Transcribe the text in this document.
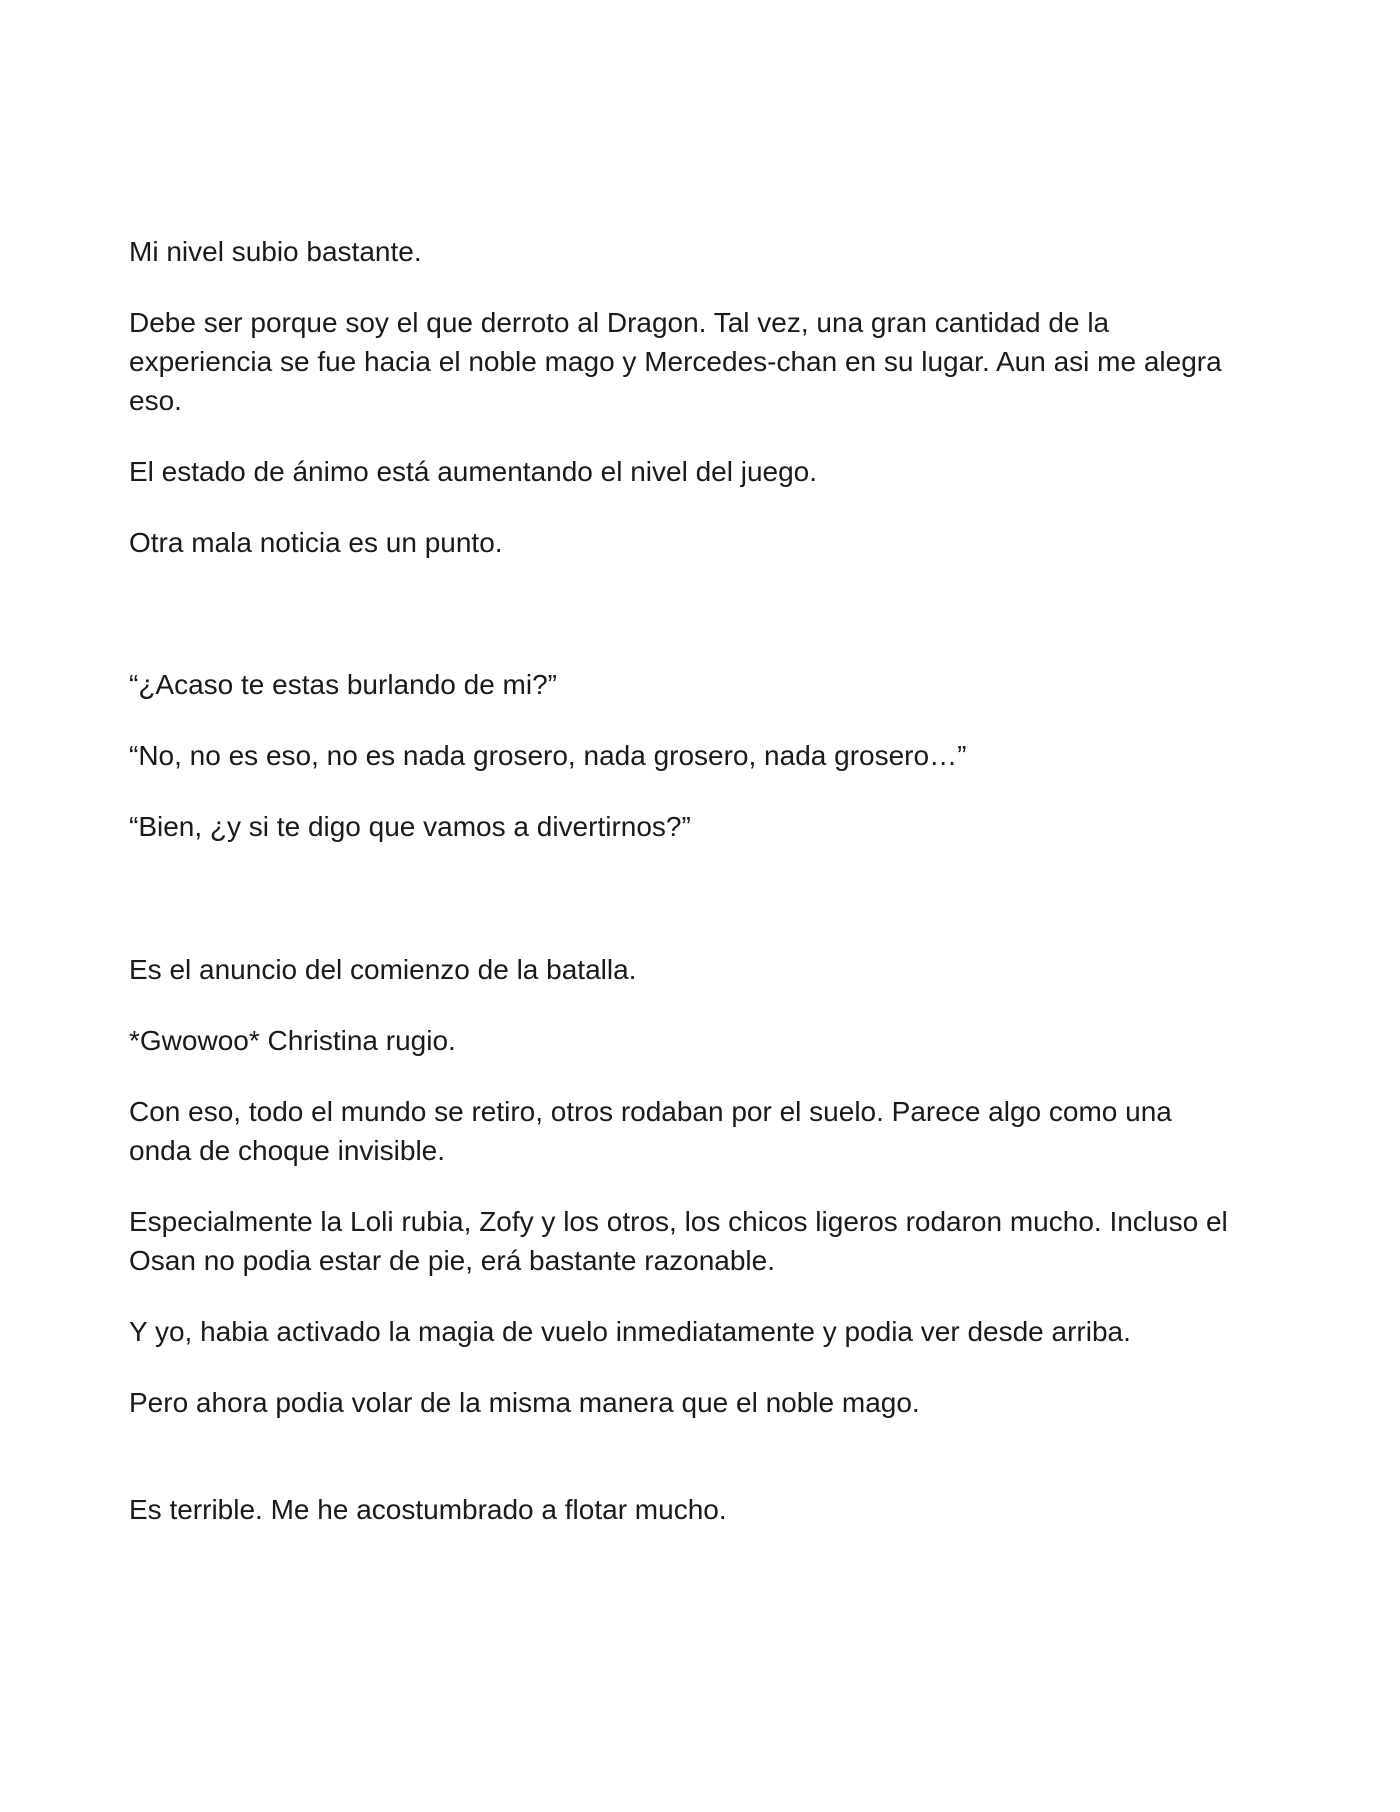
Mi nivel subio bastante.

Debe ser porque soy el que derroto al Dragon. Tal vez, una gran cantidad de la

experiencia se fue hacia el noble mago y Mercedes-chan en su lugar. Aun asi me alegra

eso.

El estado de ánimo está aumentando el nivel del juego.

Otra mala noticia es un punto.

“¿Acaso te estas burlando de mi?”

“No, no es eso, no es nada grosero, nada grosero, nada grosero…”

“Bien, ¿y si te digo que vamos a divertirnos?”

Es el anuncio del comienzo de la batalla.

*Gwowoo* Christina rugio.

Con eso, todo el mundo se retiro, otros rodaban por el suelo. Parece algo como una

onda de choque invisible.

Especialmente la Loli rubia, Zofy y los otros, los chicos ligeros rodaron mucho. Incluso el

Osan no podia estar de pie, erá bastante razonable.

Y yo, habia activado la magia de vuelo inmediatamente y podia ver desde arriba.

Pero ahora podia volar de la misma manera que el noble mago.

Es terrible. Me he acostumbrado a flotar mucho.
